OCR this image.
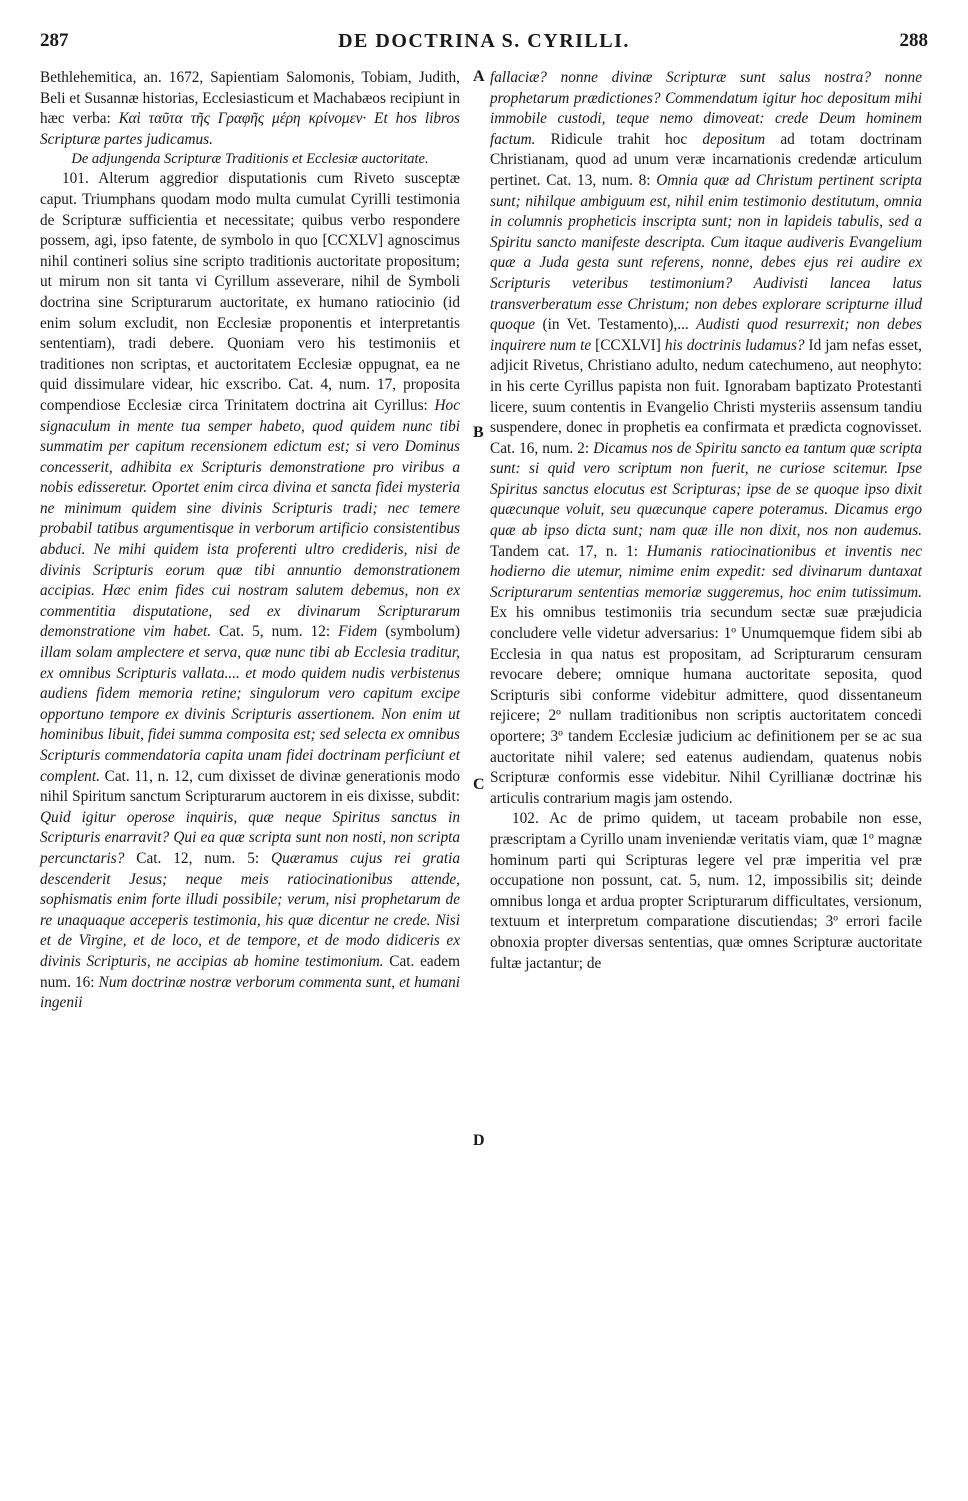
287	DE DOCTRINA S. CYRILLI.	288
A
B
C
D

Bethlehemitica, an. 1672, Sapientiam Salomonis, Tobiam, Judith, Beli et Susannæ historias, Ecclesiasticum et Machabæos recipiunt in hæc verba: Καὶ ταῦτα τῆς Γραφῆς μέρη κρίνομεν· Et hos libros Scripturæ partes judicamus.

De adjungenda Scripturæ Traditionis et Ecclesiæ auctoritate.

101. Alterum aggredior disputationis cum Riveto susceptæ caput. Triumphans quodam modo multa cumulat Cyrilli testimonia de Scripturæ sufficientia et necessitate; quibus verbo respondere possem, agi, ipso fatente, de symbolo in quo [CCXLV] agnoscimus nihil contineri solius sine scripto traditionis auctoritate propositum; ut mirum non sit tanta vi Cyrillum asseverare, nihil de Symboli doctrina sine Scripturarum auctoritate, ex humano ratiocinio (id enim solum excludit, non Ecclesiæ proponentis et interpretantis sententiam), tradi debere. Quoniam vero his testimoniis et traditiones non scriptas, et auctoritatem Ecclesiæ oppugnat, ea ne quid dissimulare videar, hic exscribo. Cat. 4, num. 17, proposita compendiose Ecclesiæ circa Trinitatem doctrina ait Cyrillus: Hoc signaculum in mente tua semper habeto, quod quidem nunc tibi summatim per capitum recensionem edictum est; si vero Dominus concesserit, adhibita ex Scripturis demonstratione pro viribus a nobis edisseretur. Oportet enim circa divina et sancta fidei mysteria ne minimum quidem sine divinis Scripturis tradi; nec temere probabil tatibus argumentisque in verborum artificio consistentibus abduci. Ne mihi quidem ista proferenti ultro credideris, nisi de divinis Scripturis eorum quæ tibi annuntio demonstrationem accipias. Hæc enim fides cui nostram salutem debemus, non ex commentitia disputatione, sed ex divinarum Scripturarum demonstratione vim habet. Cat. 5, num. 12: Fidem (symbolum) illam solam amplectere et serva, quæ nunc tibi ab Ecclesia traditur, ex omnibus Scripturis vallata.... et modo quidem nudis verbistenus audiens fidem memoria retine; singulorum vero capitum excipe opportuno tempore ex divinis Scripturis assertionem. Non enim ut hominibus libuit, fidei summa composita est; sed selecta ex omnibus Scripturis commendatoria capita unam fidei doctrinam perficiunt et complent. Cat. 11, n. 12, cum dixisset de divinæ generationis modo nihil Spiritum sanctum Scripturarum auctorem in eis dixisse, subdit: Quid igitur operose inquiris, quæ neque Spiritus sanctus in Scripturis enarravit? Qui ea quæ scripta sunt non nosti, non scripta percunctaris? Cat. 12, num. 5: Quæramus cujus rei gratia descenderit Jesus; neque meis ratiocinationibus attende, sophismatis enim forte illudi possibile; verum, nisi prophetarum de re unaquaque acceperis testimonia, his quæ dicentur ne crede. Nisi et de Virgine, et de loco, et de tempore, et de modo didiceris ex divinis Scripturis, ne accipias ab homine testimonium. Cat. eadem num. 16: Num doctrinæ nostræ verborum commenta sunt, et humani ingenii

fallaciæ? nonne divinæ Scripturæ sunt salus nostra? nonne prophetarum prædictiones? Commendatum igitur hoc depositum mihi immobile custodi, teque nemo dimoveat: crede Deum hominem factum. Ridicule trahit hoc depositum ad totam doctrinam Christianam, quod ad unum veræ incarnationis credendæ articulum pertinet. Cat. 13, num. 8: Omnia quæ ad Christum pertinent scripta sunt; nihilque ambiguum est, nihil enim testimonio destitutum, omnia in columnis propheticis inscripta sunt; non in lapideis tabulis, sed a Spiritu sancto manifeste descripta. Cum itaque audiveris Evangelium quæ a Juda gesta sunt referens, nonne, debes ejus rei audire ex Scripturis veteribus testimonium? Audivisti lancea latus transverberatum esse Christum; non debes explorare scripturne illud quoque (in Vet. Testamento),... Audisti quod resurrexit; non debes inquirere num te [CCXLVI] his doctrinis ludamus? Id jam nefas esset, adjicit Rivetus, Christiano adulto, nedum catechumeno, aut neophyto: in his certe Cyrillus papista non fuit. Ignorabam baptizato Protestanti licere, suum contentis in Evangelio Christi mysteriis assensum tandiu suspendere, donec in prophetis ea confirmata et prædicta cognovisset. Cat. 16, num. 2: Dicamus nos de Spiritu sancto ea tantum quæ scripta sunt: si quid vero scriptum non fuerit, ne curiose scitemur. Ipse Spiritus sanctus elocutus est Scripturas; ipse de se quoque ipso dixit quæcunque voluit, seu quæcunque capere poteramus. Dicamus ergo quæ ab ipso dicta sunt; nam quæ ille non dixit, nos non audemus. Tandem cat. 17, n. 1: Humanis ratiocinationibus et inventis nec hodierno die utemur, nimime enim expedit: sed divinarum duntaxat Scripturarum sententias memoriæ suggeremus, hoc enim tutissimum. Ex his omnibus testimoniis tria secundum sectæ suæ præjudicia concludere velle videtur adversarius: 1º Unumquemque fidem sibi ab Ecclesia in qua natus est propositam, ad Scripturarum censuram revocare debere; omnique humana auctoritate seposita, quod Scripturis sibi conforme videbitur admittere, quod dissentaneum rejicere; 2º nullam traditionibus non scriptis auctoritatem concedi oportere; 3º tandem Ecclesiæ judicium ac definitionem per se ac sua auctoritate nihil valere; sed eatenus audiendam, quatenus nobis Scripturæ conformis esse videbitur. Nihil Cyrillianæ doctrinæ his articulis contrarium magis jam ostendo.

102. Ac de primo quidem, ut taceam probabile non esse, præscriptam a Cyrillo unam inveniendæ veritatis viam, quæ 1º magnæ hominum parti qui Scripturas legere vel præ imperitia vel præ occupatione non possunt, cat. 5, num. 12, impossibilis sit; deinde omnibus longa et ardua propter Scripturarum difficultates, versionum, textuum et interpretum comparatione discutiendas; 3º errori facile obnoxia propter diversas sententias, quæ omnes Scripturæ auctoritate fultæ jactantur; de
